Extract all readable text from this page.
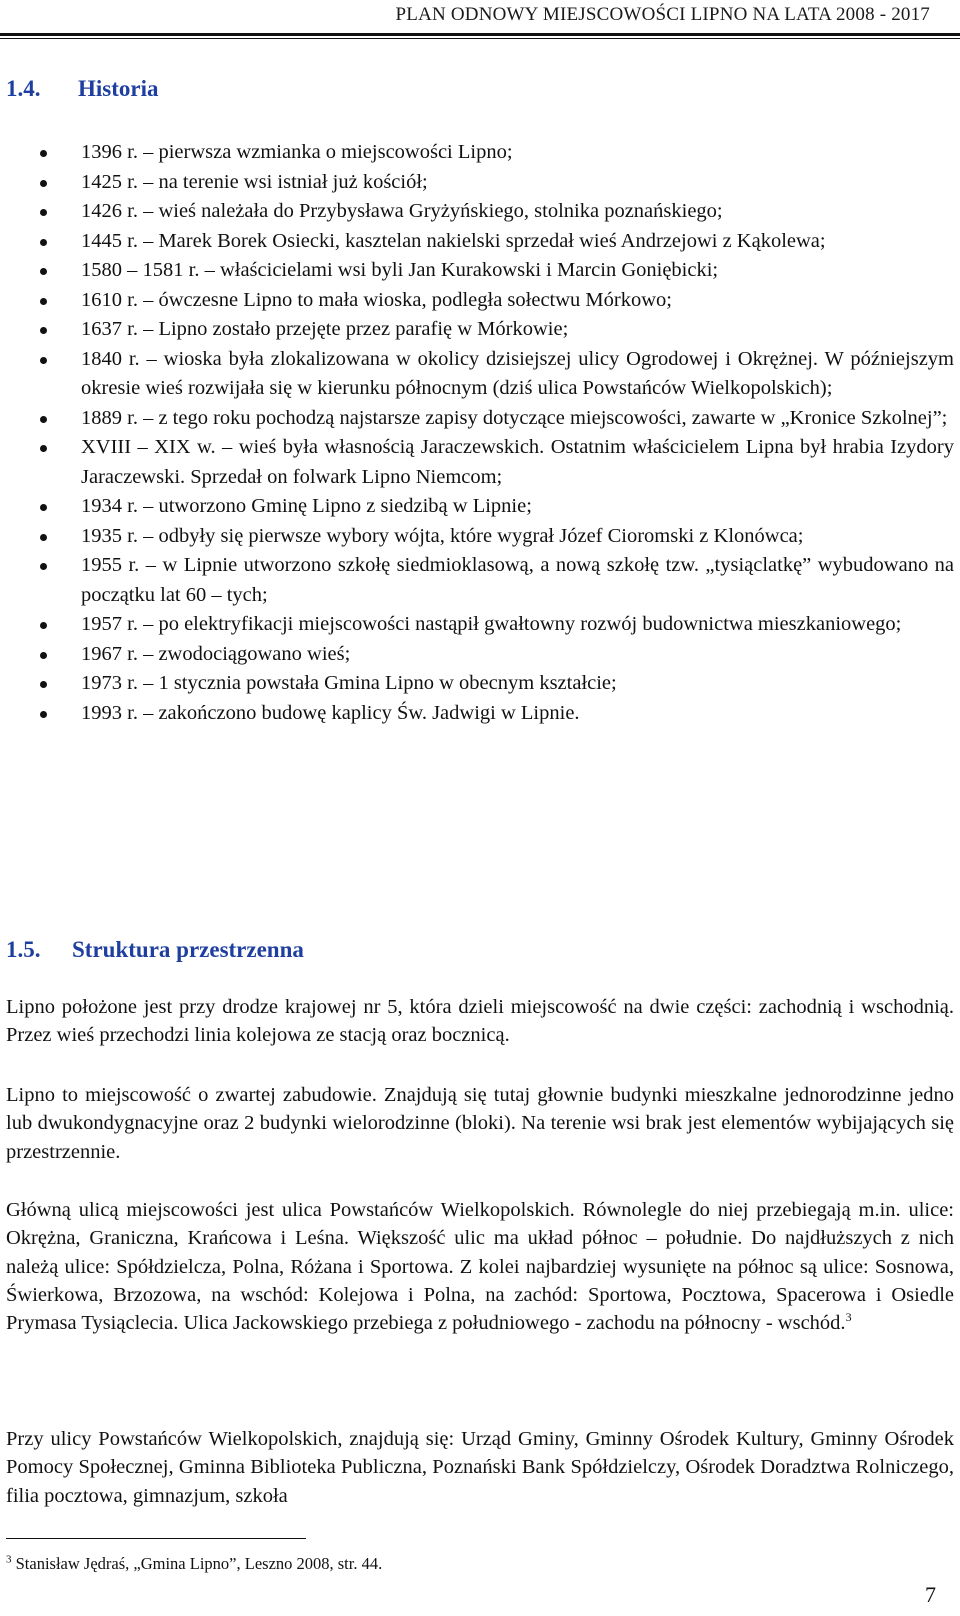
PLAN ODNOWY MIEJSCOWOŚCI LIPNO NA LATA 2008 - 2017
1.4. Historia
1396 r. – pierwsza wzmianka o miejscowości Lipno;
1425 r. – na terenie wsi istniał już kościół;
1426 r. – wieś należała do Przybysława Gryżyńskiego, stolnika poznańskiego;
1445 r. – Marek Borek Osiecki, kasztelan nakielski sprzedał wieś Andrzejowi z Kąkolewa;
1580 – 1581 r. – właścicielami wsi byli Jan Kurakowski i Marcin Goniębicki;
1610 r. – ówczesne Lipno to mała wioska, podległa sołectwu Mórkowo;
1637 r. – Lipno zostało przejęte przez parafię w Mórkowie;
1840 r. – wioska była zlokalizowana w okolicy dzisiejszej ulicy Ogrodowej i Okrężnej. W późniejszym okresie wieś rozwijała się w kierunku północnym (dziś ulica Powstańców Wielkopolskich);
1889 r. – z tego roku pochodzą najstarsze zapisy dotyczące miejscowości, zawarte w „Kronice Szkolnej”;
XVIII – XIX w. – wieś była własnością Jaraczewskich. Ostatnim właścicielem Lipna był hrabia Izydory Jaraczewski. Sprzedał on folwark Lipno Niemcom;
1934 r. – utworzono Gminę Lipno z siedzibą w Lipnie;
1935 r. – odbyły się pierwsze wybory wójta, które wygrał Józef Cioromski z Klonówca;
1955 r. – w Lipnie utworzono szkołę siedmioklasową, a nową szkołę tzw. „tysiąclatkę” wybudowano na początku lat 60 – tych;
1957 r. – po elektryfikacji miejscowości nastąpił gwałtowny rozwój budownictwa mieszkaniowego;
1967 r. – zwodociągowano wieś;
1973 r. – 1 stycznia powstała Gmina Lipno w obecnym kształcie;
1993 r. – zakończono budowę kaplicy Św. Jadwigi w Lipnie.
1.5. Struktura przestrzenna

Lipno położone jest przy drodze krajowej nr 5, która dzieli miejscowość na dwie części: zachodnią i wschodnią. Przez wieś przechodzi linia kolejowa ze stacją oraz bocznicą.

Lipno to miejscowość o zwartej zabudowie. Znajdują się tutaj głownie budynki mieszkalne jednorodzinne jedno lub dwukondygnacyjne oraz 2 budynki wielorodzinne (bloki). Na terenie wsi brak jest elementów wybijających się przestrzennie.

Główną ulicą miejscowości jest ulica Powstańców Wielkopolskich. Równolegle do niej przebiegają m.in. ulice: Okrężna, Graniczna, Krańcowa i Leśna. Większość ulic ma układ północ – południe. Do najdłuższych z nich należą ulice: Spółdzielcza, Polna, Różana i Sportowa. Z kolei najbardziej wysunięte na północ są ulice: Sosnowa, Świerkowa, Brzozowa, na wschód: Kolejowa i Polna, na zachód: Sportowa, Pocztowa, Spacerowa i Osiedle Prymasa Tysiąclecia. Ulica Jackowskiego przebiega z południowego - zachodu na północny - wschód.$^3$

Przy ulicy Powstańców Wielkopolskich, znajdują się: Urząd Gminy, Gminny Ośrodek Kultury, Gminny Ośrodek Pomocy Społecznej, Gminna Biblioteka Publiczna, Poznański Bank Spółdzielczy, Ośrodek Doradztwa Rolniczego, filia pocztowa, gimnazjum, szkoła

$^3$ Stanisław Jędraś, „Gmina Lipno”, Leszno 2008, str. 44.
7
